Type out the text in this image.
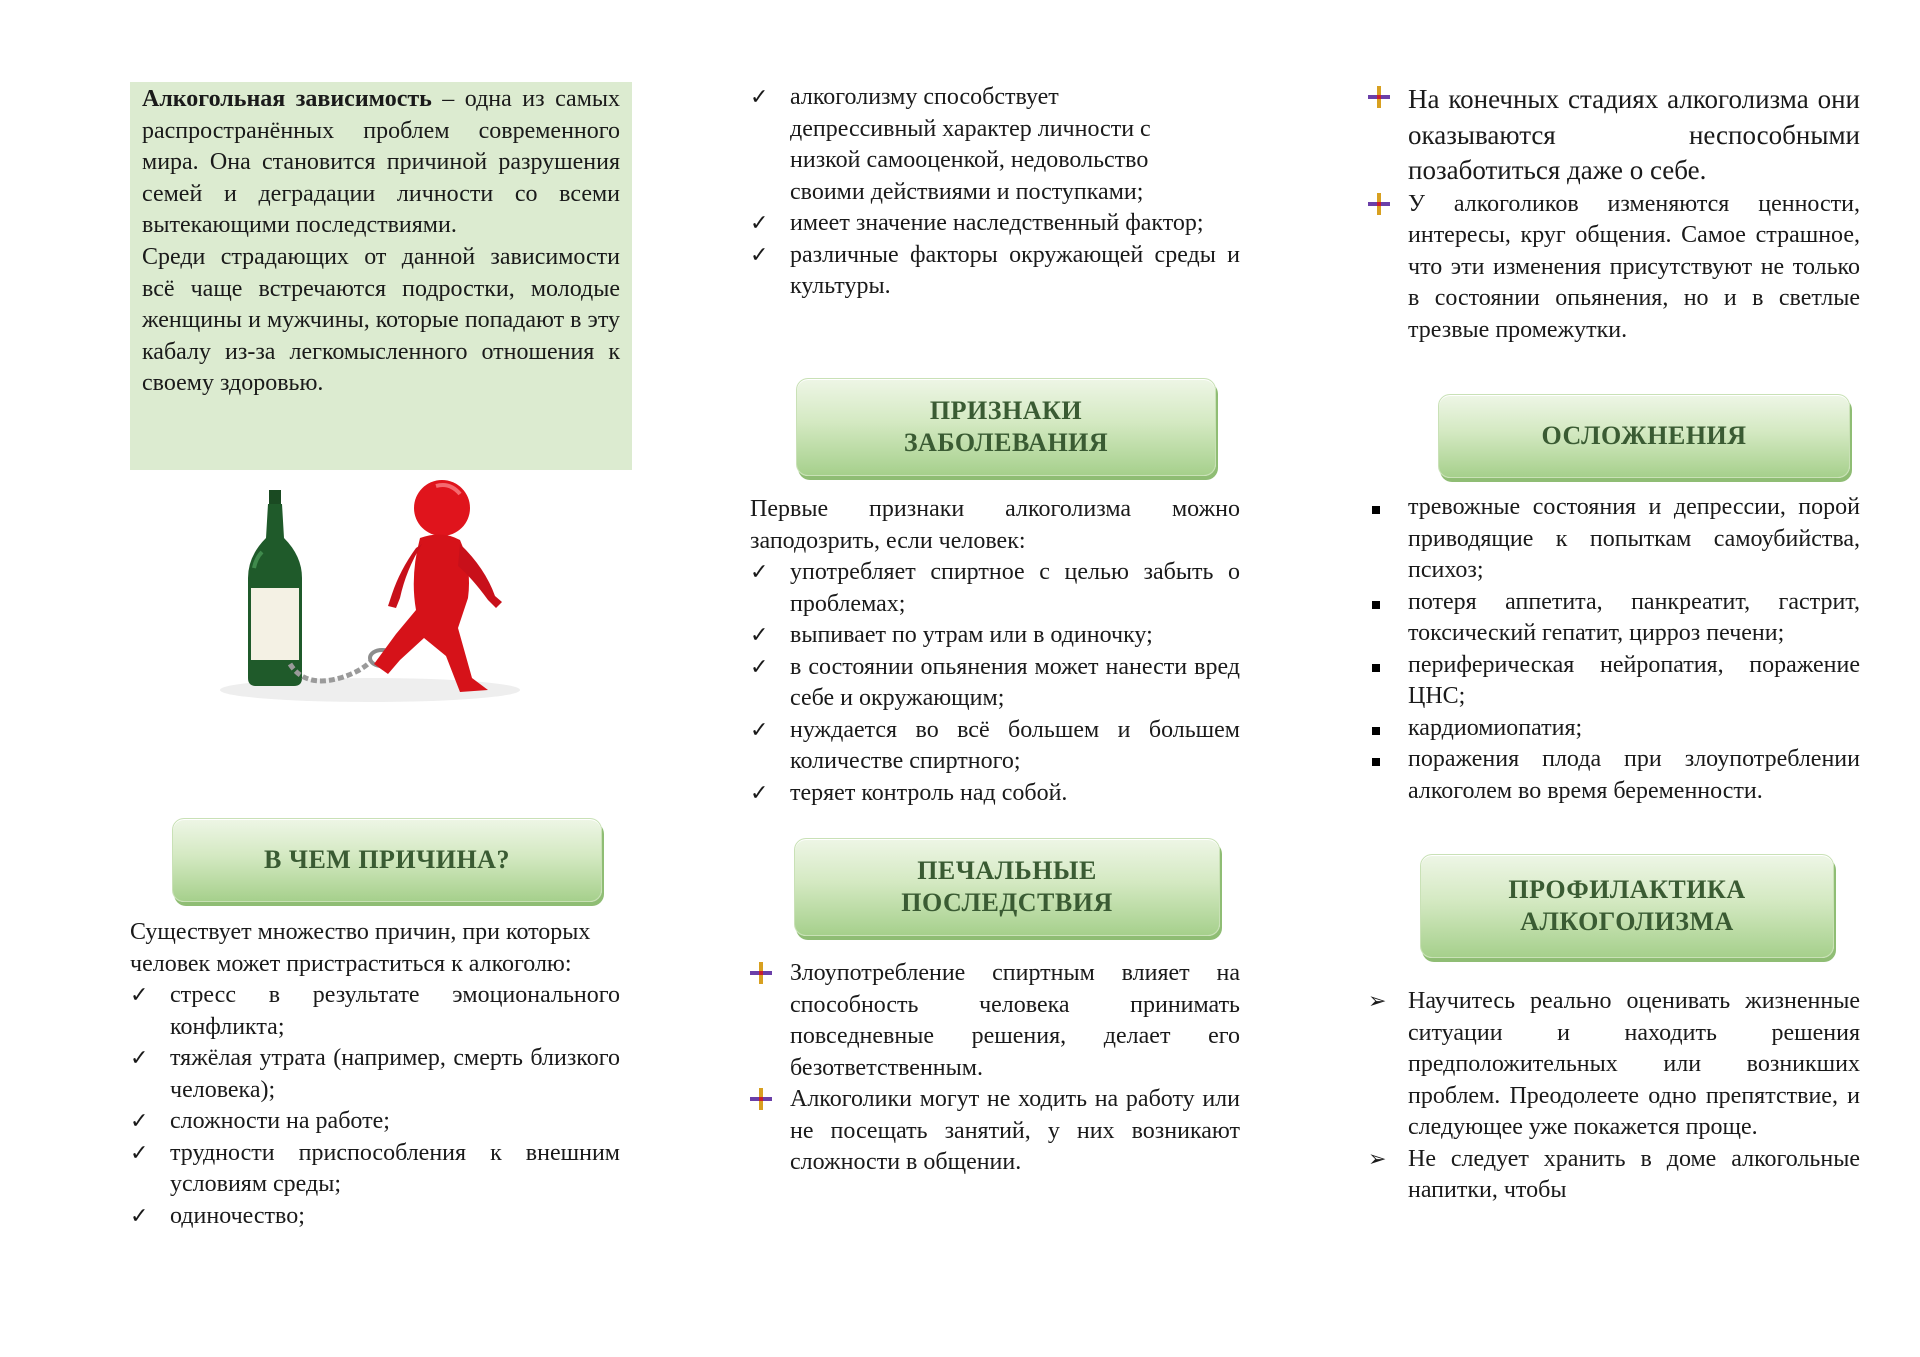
Алкогольная зависимость – одна из самых распространённых проблем современного мира. Она становится причиной разрушения семей и деградации личности со всеми вытекающими последствиями.

Среди страдающих от данной зависимости всё чаще встречаются подростки, молодые женщины и мужчины, которые попадают в эту кабалу из-за легкомысленного отношения к своему здоровью.

В ЧЕМ ПРИЧИНА?

Существует множество причин, при которых человек может пристраститься к алкоголю:

✓ стресс в результате эмоционального конфликта;
✓ тяжёлая утрата (например, смерть близкого человека);
✓ сложности на работе;
✓ трудности приспособления к внешним условиям среды;
✓ одиночество;
✓ алкоголизму способствует депрессивный характер личности с низкой самооценкой, недовольство своими действиями и поступками;
✓ имеет значение наследственный фактор;
✓ различные факторы окружающей среды и культуры.
ПРИЗНАКИ ЗАБОЛЕВАНИЯ

Первые признаки алкоголизма можно заподозрить, если человек:

✓ употребляет спиртное с целью забыть о проблемах;
✓ выпивает по утрам или в одиночку;
✓ в состоянии опьянения может нанести вред себе и окружающим;
✓ нуждается во всё большем и большем количестве спиртного;
✓ теряет контроль над собой.
ПЕЧАЛЬНЫЕ ПОСЛЕДСТВИЯ
Злоупотребление спиртным влияет на способность человека принимать повседневные решения, делает его безответственным.
Алкоголики могут не ходить на работу или не посещать занятий, у них возникают сложности в общении.
На конечных стадиях алкоголизма они оказываются неспособными позаботиться даже о себе.
У алкоголиков изменяются ценности, интересы, круг общения. Самое страшное, что эти изменения присутствуют не только в состоянии опьянения, но и в светлые трезвые промежутки.
ОСЛОЖНЕНИЯ
тревожные состояния и депрессии, порой приводящие к попыткам самоубийства, психоз;
потеря аппетита, панкреатит, гастрит, токсический гепатит, цирроз печени;
периферическая нейропатия, поражение ЦНС;
кардиомиопатия;
поражения плода при злоупотреблении алкоголем во время беременности.
ПРОФИЛАКТИКА АЛКОГОЛИЗМА
➢ Научитесь реально оценивать жизненные ситуации и находить решения предположительных или возникших проблем. Преодолеете одно препятствие, и следующее уже покажется проще.
➢ Не следует хранить в доме алкогольные напитки, чтобы
